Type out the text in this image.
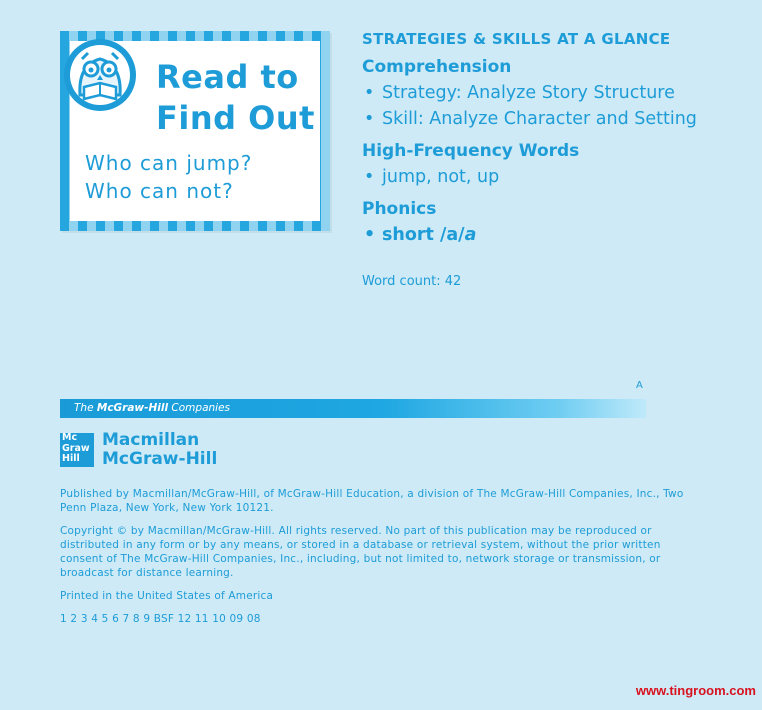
Read to
Find Out
Who can jump?
Who can not?
STRATEGIES & SKILLS AT A GLANCE
Comprehension
• Strategy: Analyze Story Structure
• Skill: Analyze Character and Setting
High-Frequency Words
• jump, not, up
Phonics
• short /a/a
Word count: 42
A
The McGraw-Hill Companies
Mc
Graw
Hill
Macmillan
McGraw-Hill
Published by Macmillan/McGraw-Hill, of McGraw-Hill Education, a division of The McGraw-Hill Companies, Inc., Two Penn Plaza, New York, New York 10121.
Copyright © by Macmillan/McGraw-Hill. All rights reserved. No part of this publication may be reproduced or distributed in any form or by any means, or stored in a database or retrieval system, without the prior written consent of The McGraw-Hill Companies, Inc., including, but not limited to, network storage or transmission, or broadcast for distance learning.
Printed in the United States of America
1 2 3 4 5 6 7 8 9 BSF 12 11 10 09 08
www.tingroom.com
